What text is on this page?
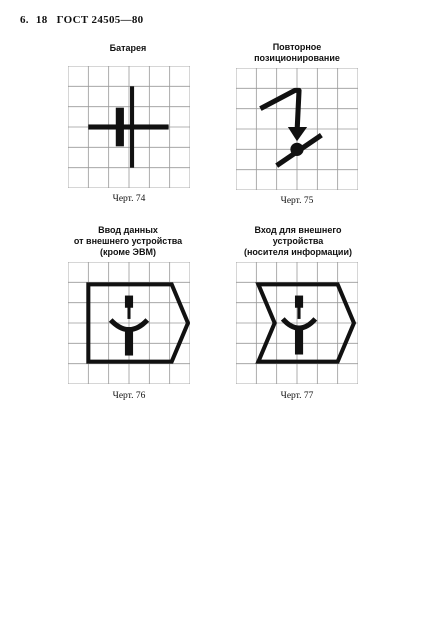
6. 18 ГОСТ 24505—80
Батарея
Черт. 74
Повторное
позиционирование
Черт. 75
Ввод данных
от внешнего устройства
(кроме ЭВМ)
Черт. 76
Вход для внешнего
устройства
(носителя информации)
Черт. 77
